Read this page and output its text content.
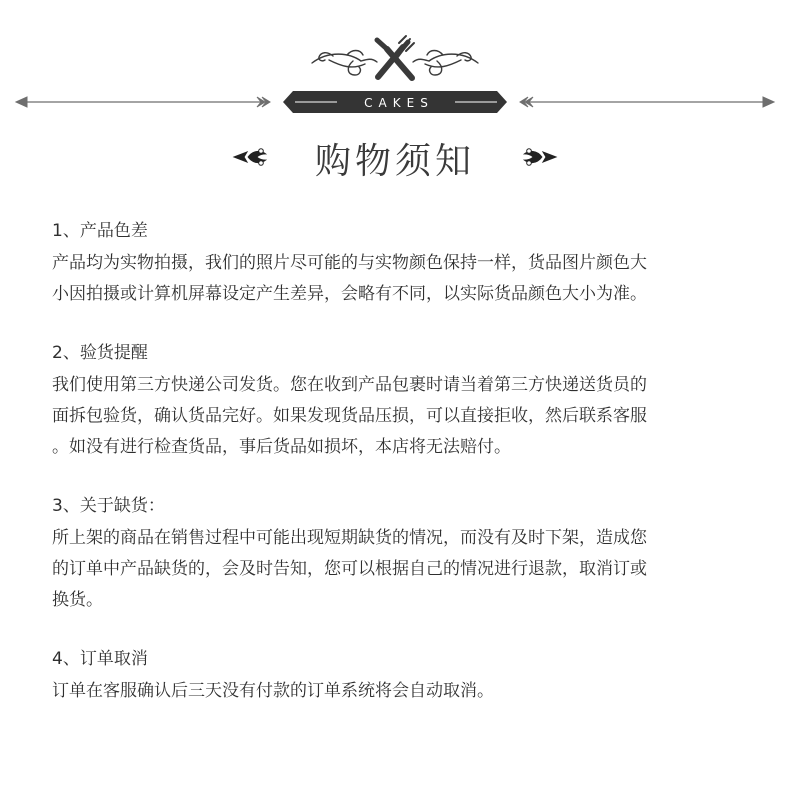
CAKES
购物须知
1、产品色差
产品均为实物拍摄，我们的照片尽可能的与实物颜色保持一样，货品图片颜色大
小因拍摄或计算机屏幕设定产生差异，会略有不同，以实际货品颜色大小为准。
2、验货提醒
我们使用第三方快递公司发货。您在收到产品包裹时请当着第三方快递送货员的
面拆包验货，确认货品完好。如果发现货品压损，可以直接拒收，然后联系客服
。如没有进行检查货品，事后货品如损坏，本店将无法赔付。
3、关于缺货：
所上架的商品在销售过程中可能出现短期缺货的情况，而没有及时下架，造成您
的订单中产品缺货的，会及时告知，您可以根据自己的情况进行退款，取消订或
换货。
4、订单取消
订单在客服确认后三天没有付款的订单系统将会自动取消。
